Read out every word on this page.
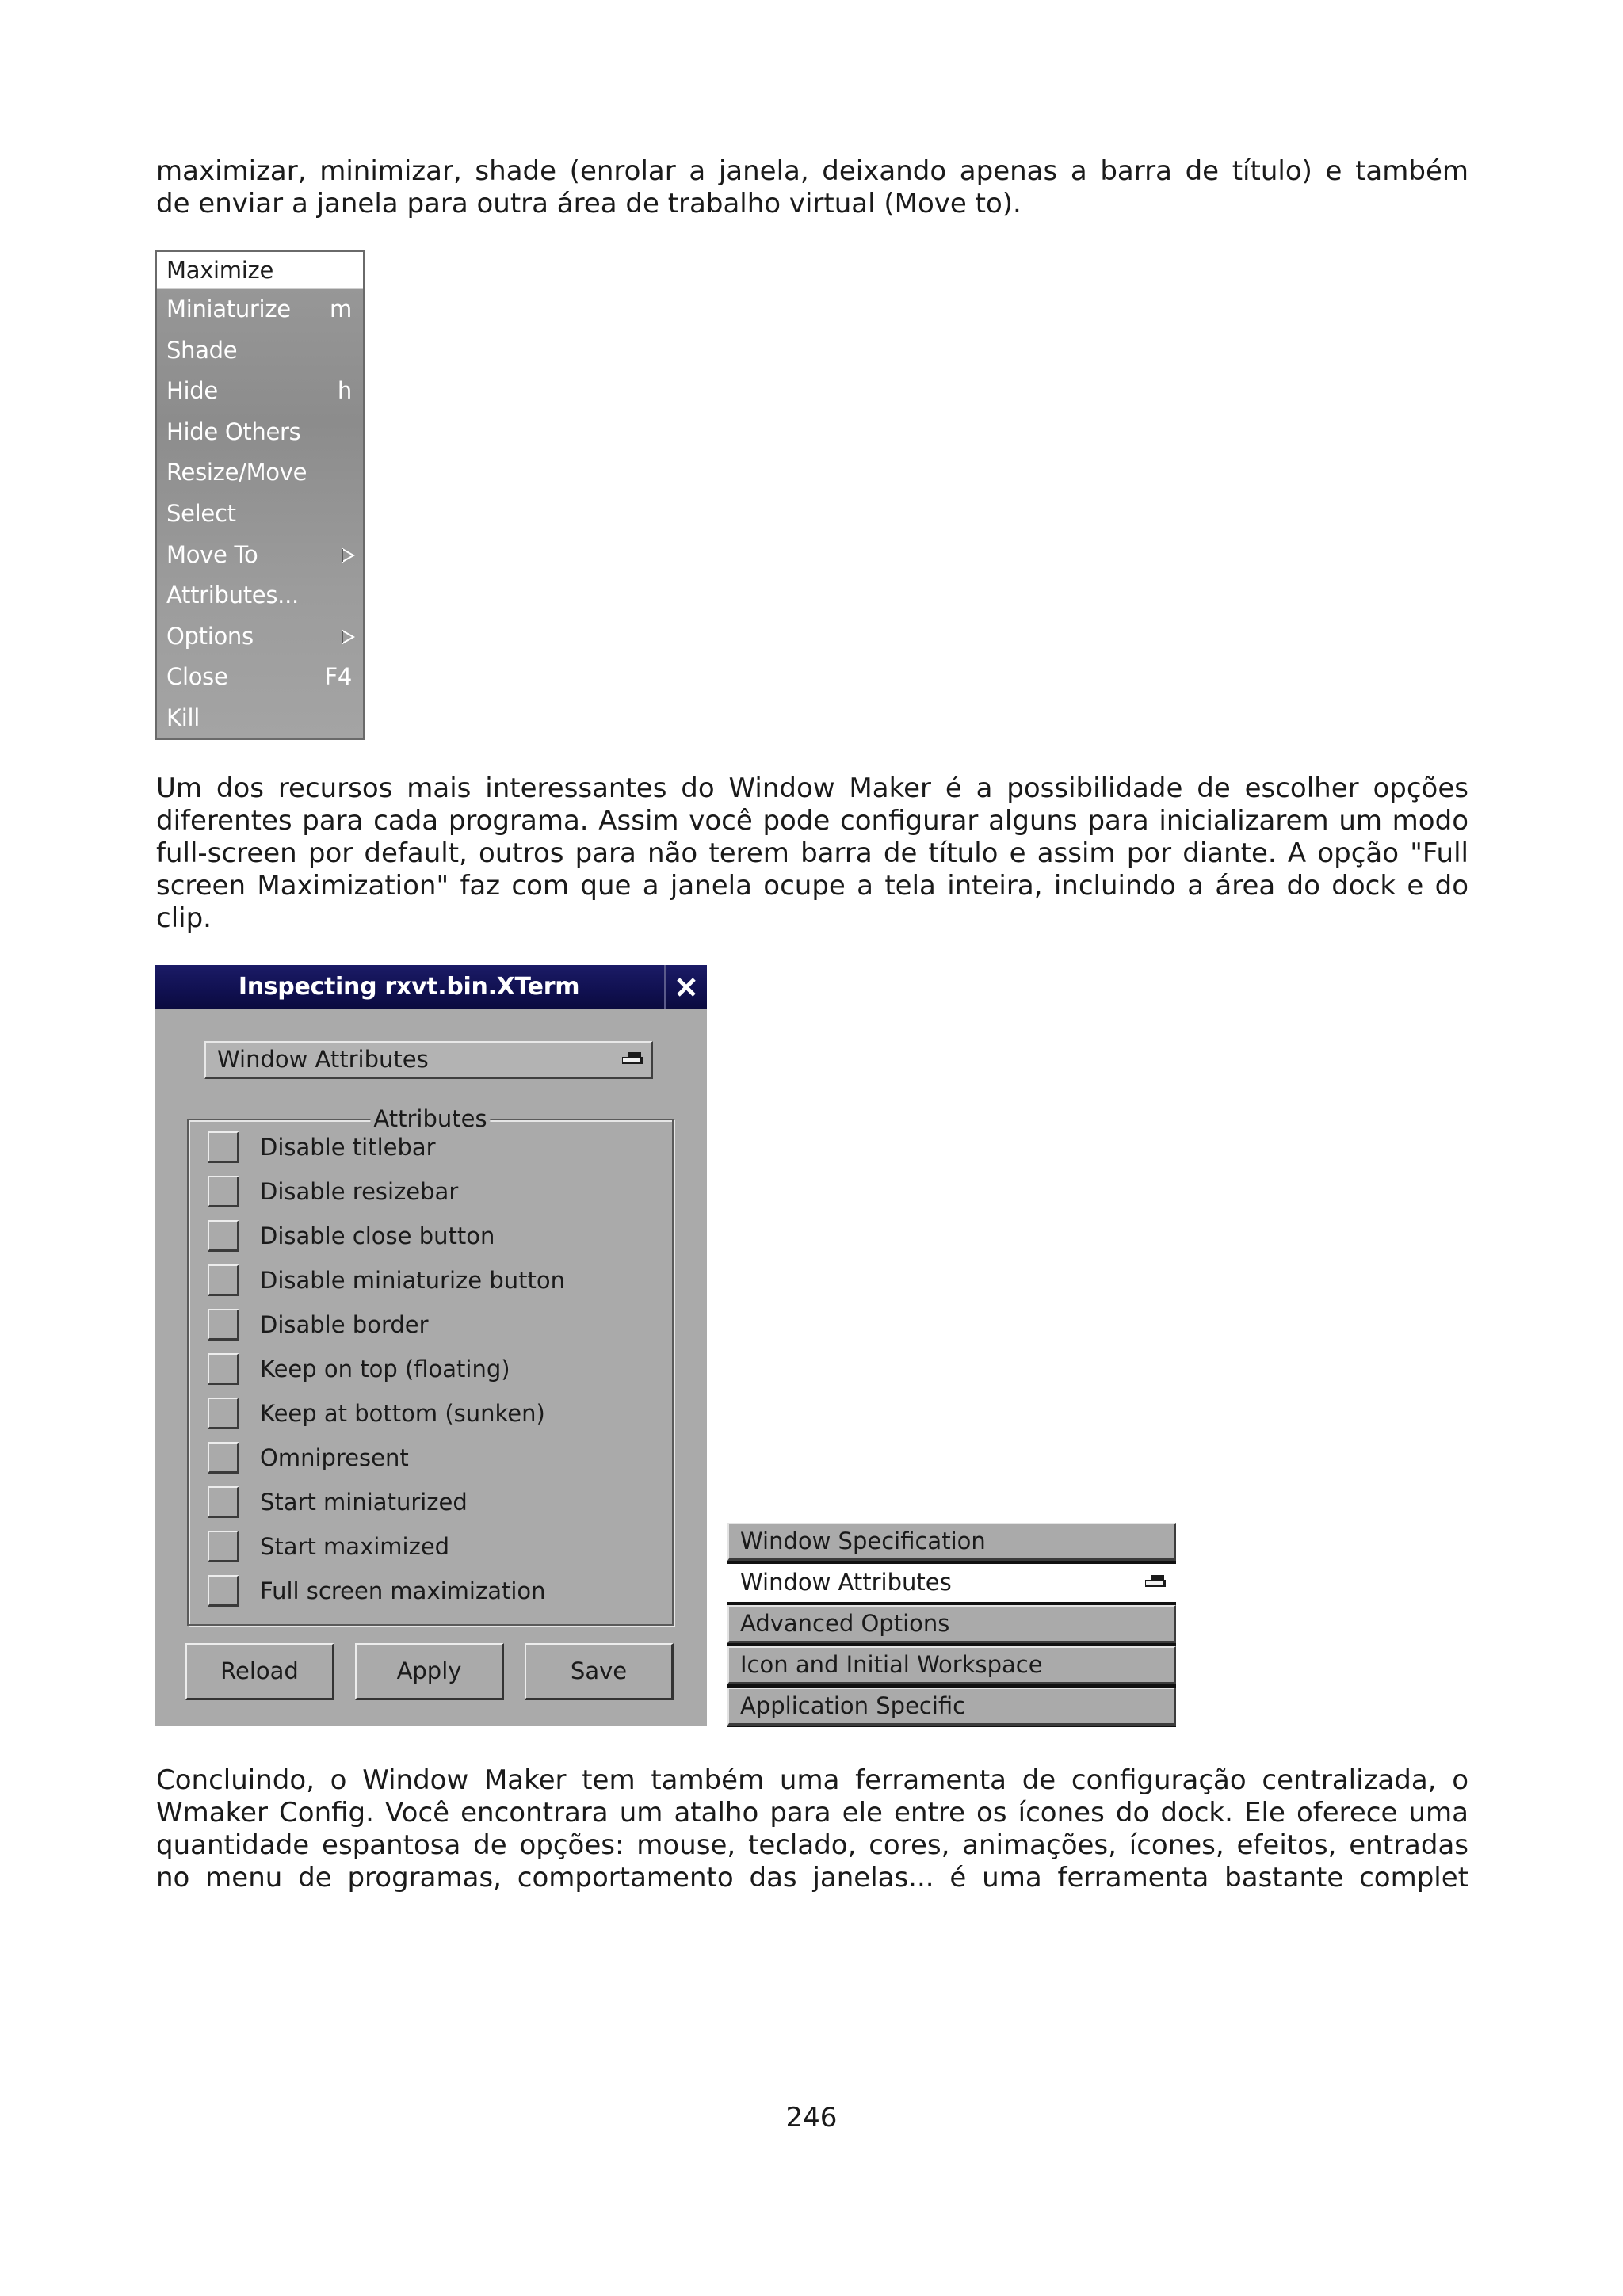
maximizar, minimizar, shade (enrolar a janela, deixando apenas a barra de título) e também

de enviar a janela para outra área de trabalho virtual (Move to).

Maximize
Miniaturize m
Shade
Hide	h
Hide Others
Resize/Move
Select
Move To
Attributes...
Options
Close	F4
Kill

Um dos recursos mais interessantes do Window Maker é a possibilidade de escolher opções

diferentes para cada programa. Assim você pode configurar alguns para inicializarem um modo

full-screen por default, outros para não terem barra de título e assim por diante. A opção "Full

screen Maximization" faz com que a janela ocupe a tela inteira, incluindo a área do dock e do

clip.

Inspecting rxvt.bin.XTerm
Window Attributes
Attributes
Disable titlebar
Disable resizebar
Disable close button
Disable miniaturize button
Disable border
Keep on top (floating)
Keep at bottom (sunken)
Omnipresent
Start miniaturized
Start maximized
Full screen maximization
Reload	Apply	Save
Window Specification
Window Attributes
Advanced Options
Icon and Initial Workspace
Application Specific

Concluindo, o Window Maker tem também uma ferramenta de configuração centralizada, o

Wmaker Config. Você encontrara um atalho para ele entre os ícones do dock. Ele oferece uma

quantidade espantosa de opções: mouse, teclado, cores, animações, ícones, efeitos, entradas

no menu de programas, comportamento das janelas... é uma ferramenta bastante complet

246
